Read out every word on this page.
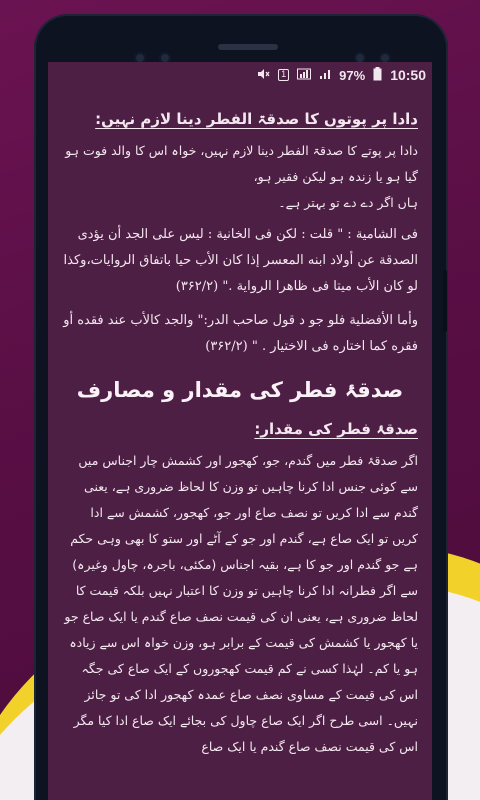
1	97% 10:50
دادا پر پوتوں کا صدقۃ الفطر دینا لازم نہیں:
دادا پر پوتے کا صدقۃ الفطر دینا لازم نہیں، خواہ اس کا والد فوت ہو گیا ہو یا زندہ ہو لیکن فقیر ہو،
ہاں اگر دے دے تو بہتر ہے۔
فی الشامیة : " قلت : لکن فی الخانیة : لیس علی الجد أن یؤدی الصدقة عن أولاد ابنه المعسر إذا کان الأب حیا باتفاق الروایات،وکذا لو کان الأب میتا فی ظاهرا الروایة ." (۳۶۲/۲)
وأما الأفضلیة فلو جو د قول صاحب الدر:" والجد کالأب عند فقده أو فقره کما اختاره فی الاختیار . " (۳۶۲/۲)
صدقۂ فطر کی مقدار و مصارف
صدقۂ فطر کی مقدار:
اگر صدقۂ فطر میں گندم، جو، کھجور اور کشمش چار اجناس میں سے کوئی جنس ادا کرنا چاہیں تو وزن کا لحاظ ضروری ہے، یعنی گندم سے ادا کریں تو نصف صاع اور جو، کھجور، کشمش سے ادا کریں تو ایک صاع ہے، گندم اور جو کے آٹے اور ستو کا بھی وہی حکم ہے جو گندم اور جو کا ہے، بقیہ اجناس (مکئی، باجرہ، چاول وغیرہ) سے اگر فطرانہ ادا کرنا چاہیں تو وزن کا اعتبار نہیں بلکہ قیمت کا لحاظ ضروری ہے، یعنی ان کی قیمت نصف صاع گندم یا ایک صاع جو یا کھجور یا کشمش کی قیمت کے برابر ہو، وزن خواہ اس سے زیادہ ہو یا کم۔ لہٰذا کسی نے کم قیمت کھجوروں کے ایک صاع کی جگہ اس کی قیمت کے مساوی نصف صاع عمدہ کھجور ادا کی تو جائز نہیں۔ اسی طرح اگر ایک صاع چاول کی بجائے ایک صاع ادا کیا مگر اس کی قیمت نصف صاع گندم یا ایک صاع
